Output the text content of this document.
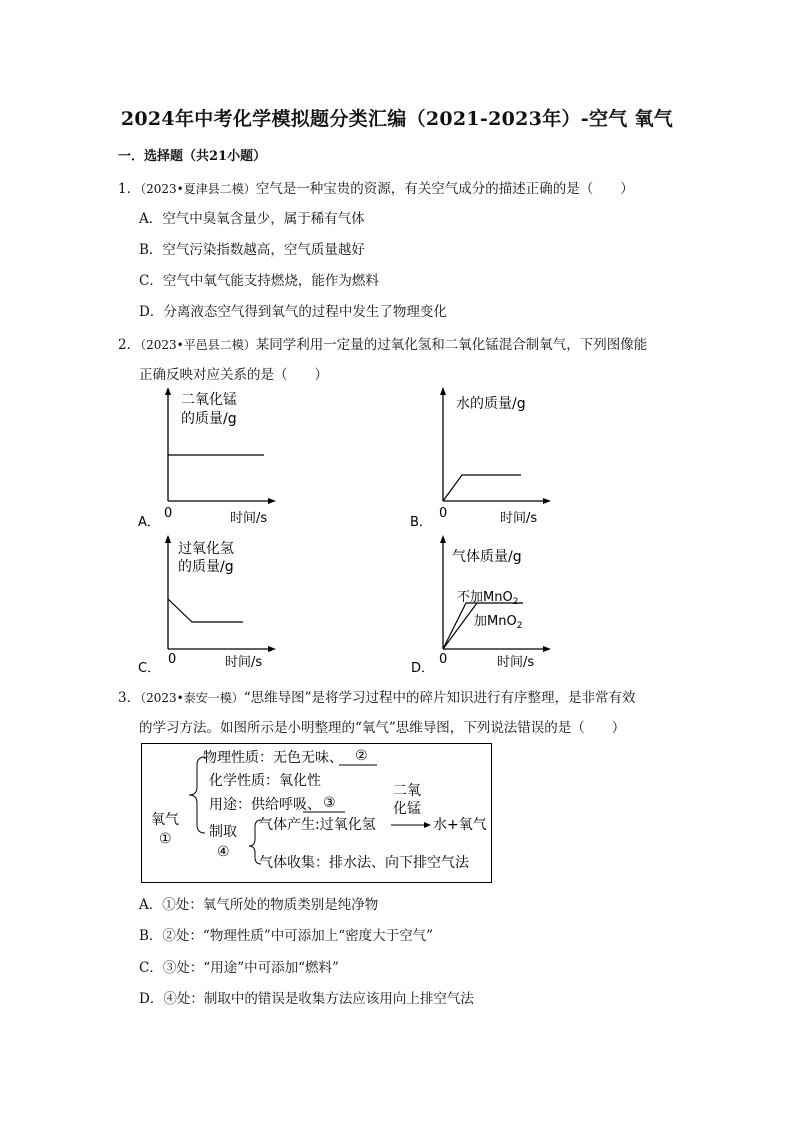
2024年中考化学模拟题分类汇编（2021-2023年）-空气 氧气
一．选择题（共21小题）
1．（2023•夏津县二模）空气是一种宝贵的资源，有关空气成分的描述正确的是（　　）
A．空气中臭氧含量少，属于稀有气体
B．空气污染指数越高，空气质量越好
C．空气中氧气能支持燃烧，能作为燃料
D．分离液态空气得到氧气的过程中发生了物理变化
2．（2023•平邑县二模）某同学利用一定量的过氧化氢和二氧化锰混合制氧气，下列图像能
正确反映对应关系的是（　　）
二氧化锰
的质量/g
0	时间/s
A．
水的质量/g
0	时间/s
B．
过氧化氢
的质量/g
0	时间/s
C．
气体质量/g
不加MnO$_2$
加MnO$_2$
0	时间/s
D．
3．（2023•泰安一模）“思维导图”是将学习过程中的碎片知识进行有序整理，是非常有效
的学习方法。如图所示是小明整理的“氧气”思维导图，下列说法错误的是（　　）
氧气
①
物理性质：无色无味、 ②
化学性质：氧化性
用途：供给呼吸、 ③
制取
④
气体产生:过氧化氢
二氧
化锰
水+氧气
气体收集：排水法、向下排空气法
A．①处：氧气所处的物质类别是纯净物
B．②处：“物理性质”中可添加上“密度大于空气”
C．③处：“用途”中可添加“燃料”
D．④处：制取中的错误是收集方法应该用向上排空气法
